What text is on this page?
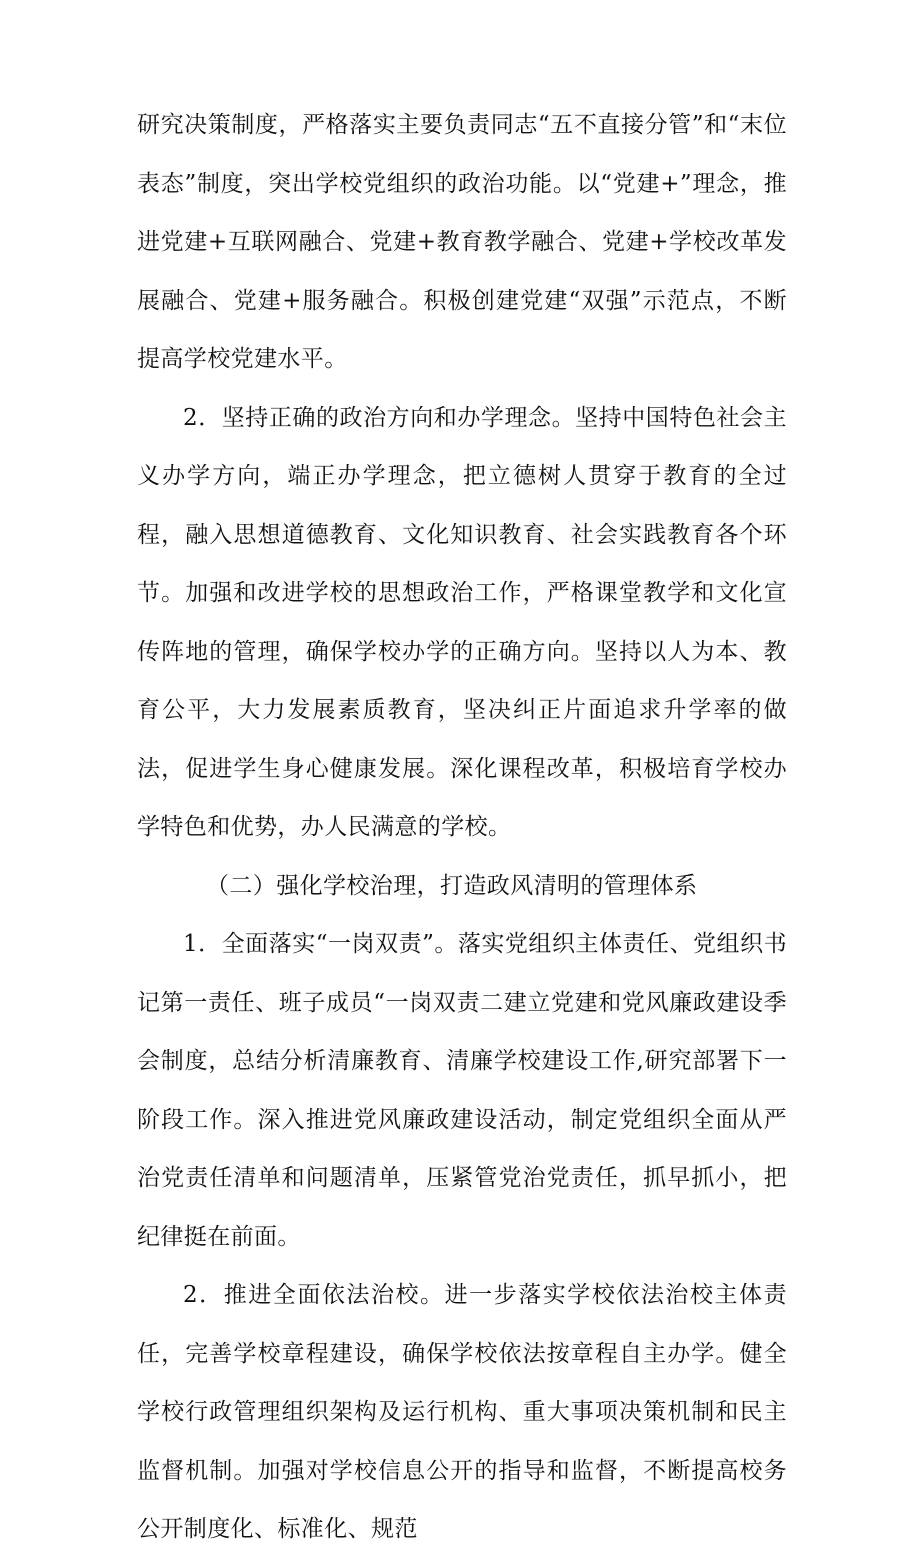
研究决策制度，严格落实主要负责同志“五不直接分管”和“末位表态”制度，突出学校党组织的政治功能。以“党建+”理念，推进党建+互联网融合、党建+教育教学融合、党建+学校改革发展融合、党建+服务融合。积极创建党建“双强”示范点，不断提高学校党建水平。

2．坚持正确的政治方向和办学理念。坚持中国特色社会主义办学方向，端正办学理念，把立德树人贯穿于教育的全过程，融入思想道德教育、文化知识教育、社会实践教育各个环节。加强和改进学校的思想政治工作，严格课堂教学和文化宣传阵地的管理，确保学校办学的正确方向。坚持以人为本、教育公平，大力发展素质教育，坚决纠正片面追求升学率的做法，促进学生身心健康发展。深化课程改革，积极培育学校办学特色和优势，办人民满意的学校。

（二）强化学校治理，打造政风清明的管理体系

1．全面落实“一岗双责”。落实党组织主体责任、党组织书记第一责任、班子成员“一岗双责二建立党建和党风廉政建设季会制度，总结分析清廉教育、清廉学校建设工作,研究部署下一阶段工作。深入推进党风廉政建设活动，制定党组织全面从严治党责任清单和问题清单，压紧管党治党责任，抓早抓小，把纪律挺在前面。

2．推进全面依法治校。进一步落实学校依法治校主体责任，完善学校章程建设，确保学校依法按章程自主办学。健全学校行政管理组织架构及运行机构、重大事项决策机制和民主监督机制。加强对学校信息公开的指导和监督，不断提高校务公开制度化、标准化、规范
